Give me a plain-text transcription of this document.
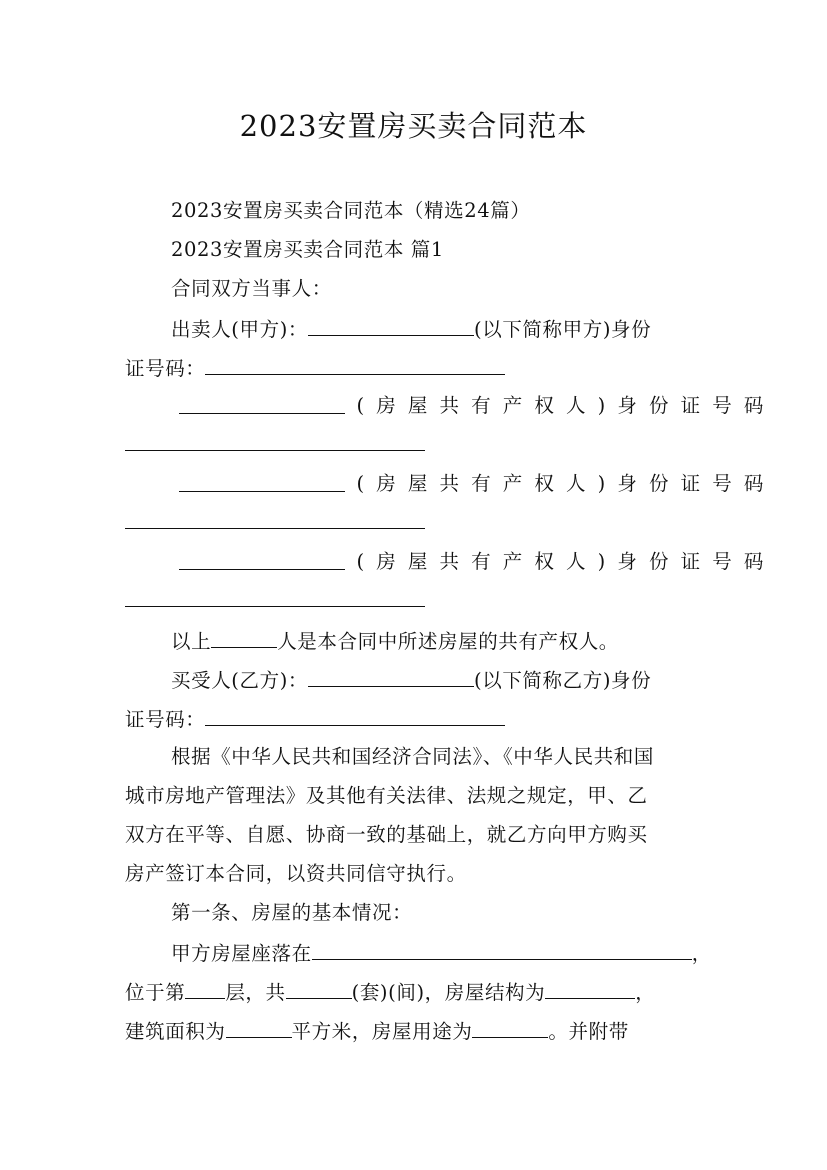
2023安置房买卖合同范本
2023安置房买卖合同范本（精选24篇）
2023安置房买卖合同范本 篇1
合同双方当事人：
出卖人(甲方)：	(以下简称甲方)身份
证号码：
( 房 屋 共 有 产 权 人 ) 身 份 证 号 码
( 房 屋 共 有 产 权 人 ) 身 份 证 号 码
( 房 屋 共 有 产 权 人 ) 身 份 证 号 码
以上	人是本合同中所述房屋的共有产权人。
买受人(乙方)：	(以下简称乙方)身份
证号码：
根据《中华人民共和国经济合同法》、《中华人民共和国
城市房地产管理法》及其他有关法律、法规之规定，甲、乙
双方在平等、自愿、协商一致的基础上，就乙方向甲方购买
房产签订本合同，以资共同信守执行。
第一条、房屋的基本情况：
甲方房屋座落在	，
位于第 层，共	(套)(间)，房屋结构为	，
建筑面积为	平方米，房屋用途为	。并附带
